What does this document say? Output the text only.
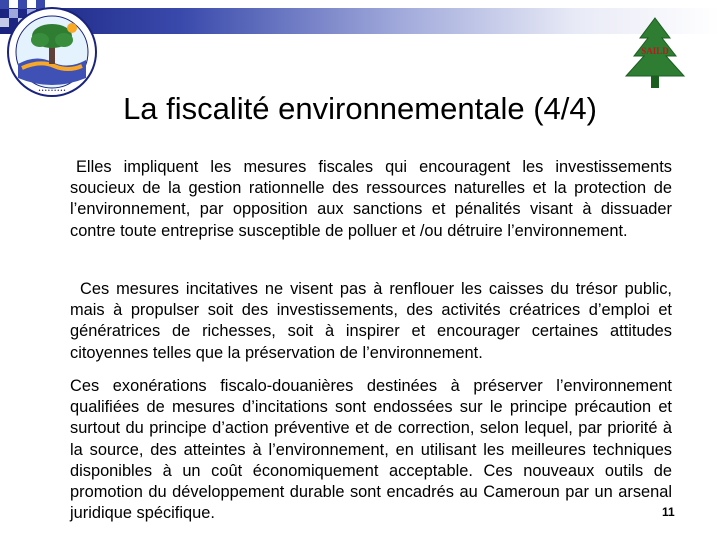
• • • • • • • • •
SAILD
La fiscalité environnementale (4/4)

Elles impliquent les mesures fiscales qui encouragent les investissements soucieux de la gestion rationnelle des ressources naturelles et la protection de l’environnement, par opposition aux sanctions et pénalités visant à dissuader contre toute entreprise susceptible de polluer et /ou détruire l’environnement.

Ces mesures incitatives ne visent pas à renflouer les caisses du trésor public, mais à propulser soit des investissements, des activités créatrices d’emploi et génératrices de richesses, soit à inspirer et encourager certaines attitudes citoyennes telles que la préservation de l’environnement.

Ces exonérations fiscalo-douanières destinées à préserver l’environnement qualifiées de mesures d’incitations sont endossées sur le principe précaution et surtout du principe d’action préventive et de correction, selon lequel, par priorité à la source, des atteintes à l’environnement, en utilisant les meilleures techniques disponibles à un coût économiquement acceptable. Ces nouveaux outils de promotion du développement durable sont encadrés au Cameroun par un arsenal juridique spécifique.	11
